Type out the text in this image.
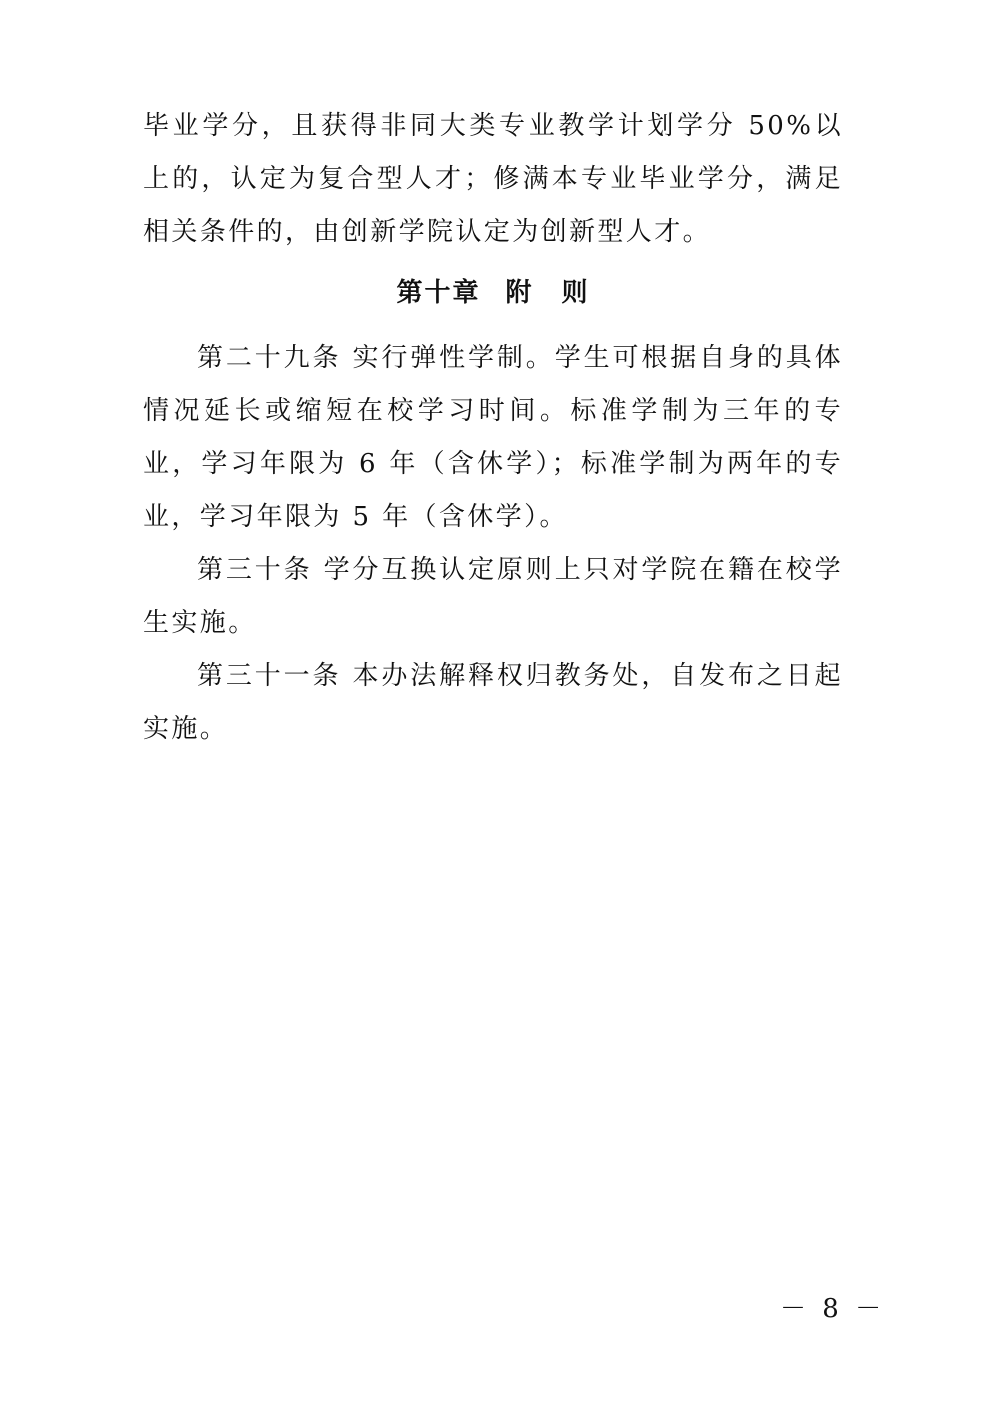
毕业学分，且获得非同大类专业教学计划学分 50%以上的，认定为复合型人才；修满本专业毕业学分，满足相关条件的，由创新学院认定为创新型人才。

第十章 附　则

第二十九条 实行弹性学制。学生可根据自身的具体情况延长或缩短在校学习时间。标准学制为三年的专业，学习年限为 6 年（含休学）；标准学制为两年的专业，学习年限为 5 年（含休学）。

第三十条 学分互换认定原则上只对学院在籍在校学生实施。

第三十一条 本办法解释权归教务处，自发布之日起实施。

－ 8 －
